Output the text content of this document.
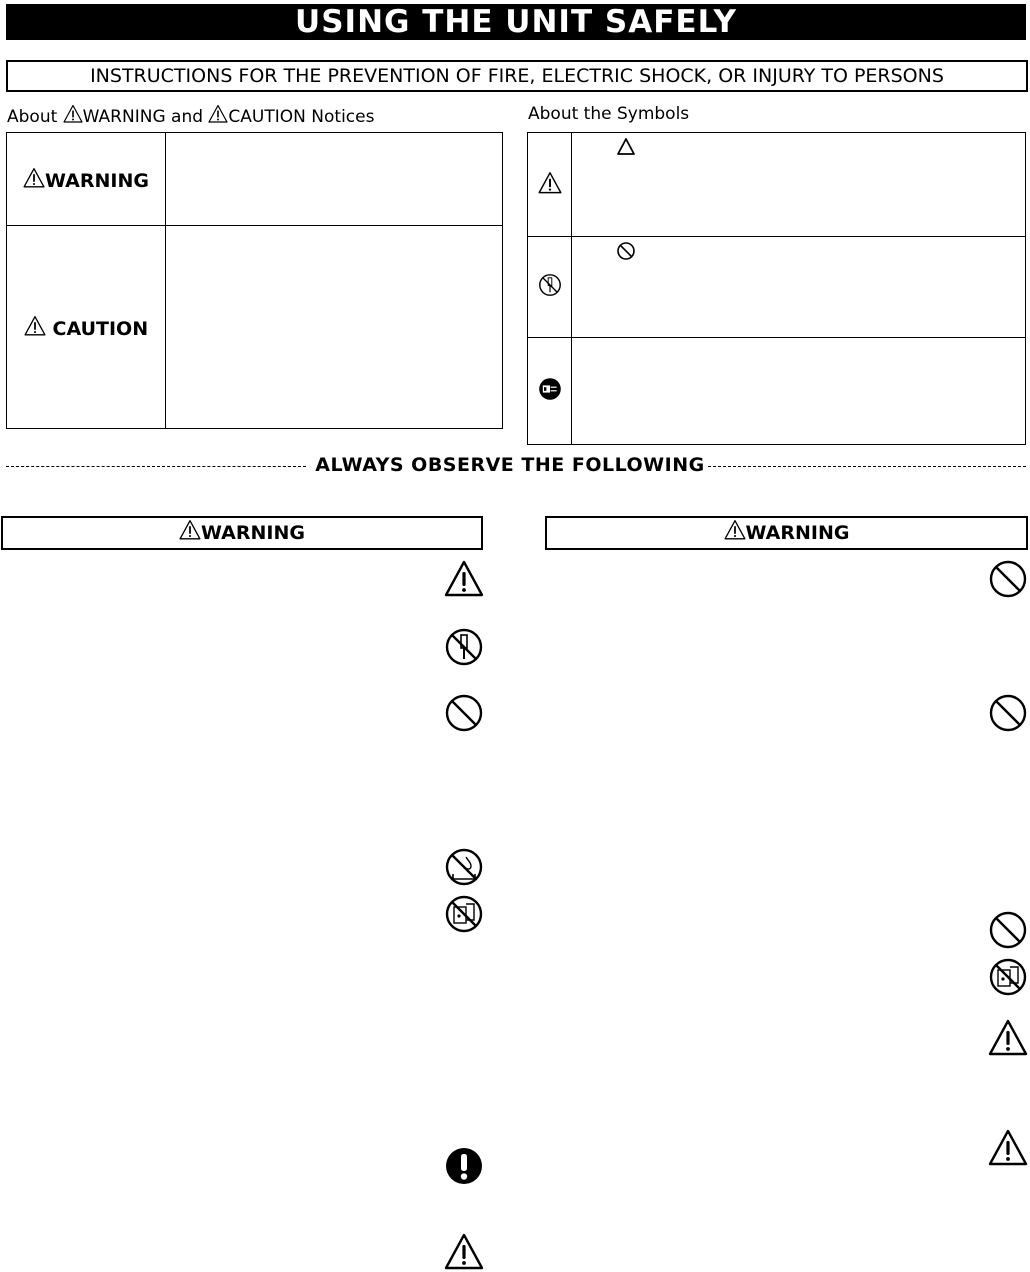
USING THE UNIT SAFELY
INSTRUCTIONS FOR THE PREVENTION OF FIRE, ELECTRIC SHOCK, OR INJURY TO PERSONS
About WARNING and CAUTION Notices
WARNING	
CAUTION	
About the Symbols

ALWAYS OBSERVE THE FOLLOWING
WARNING	WARNING
